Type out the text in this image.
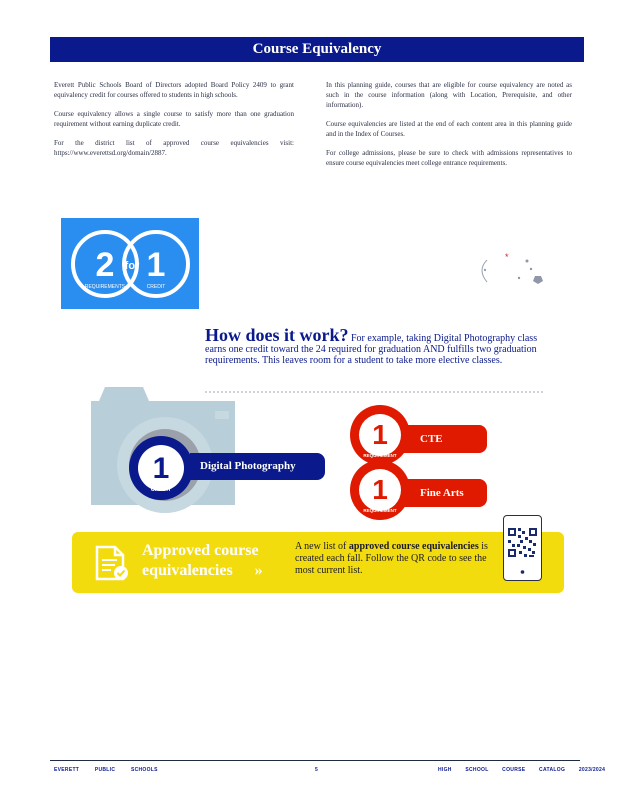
Course Equivalency

Everett Public Schools Board of Directors adopted Board Policy 2409 to grant equivalency credit for courses offered to students in high schools.

Course equivalency allows a single course to satisfy more than one graduation requirement without earning duplicate credit.

For the district list of approved course equivalencies visit: https://www.everettsd.org/domain/2887.

In this planning guide, courses that are eligible for course equivalency are noted as such in the course information (along with Location, Prerequisite, and other information).

Course equivalencies are listed at the end of each content area in this planning guide and in the Index of Courses.

For college admissions, please be sure to check with admissions representatives to ensure course equivalencies meet college entrance requirements.

2 for 1
REQUIREMENTS	CREDIT
*
How does it work? For example, taking Digital Photography class earns one credit toward the 24 required for graduation AND fulfills two graduation requirements. This leaves room for a student to take more elective classes.
Digital Photography
1
CREDIT
CTE
1
REQUIREMENT
Fine Arts
1
REQUIREMENT
Approved course
equivalencies »
A new list of approved course equivalencies is created each fall. Follow the QR code to see the most current list.
EVERETT PUBLIC SCHOOLS	5	HIGH SCHOOL COURSE CATALOG 2023/2024
